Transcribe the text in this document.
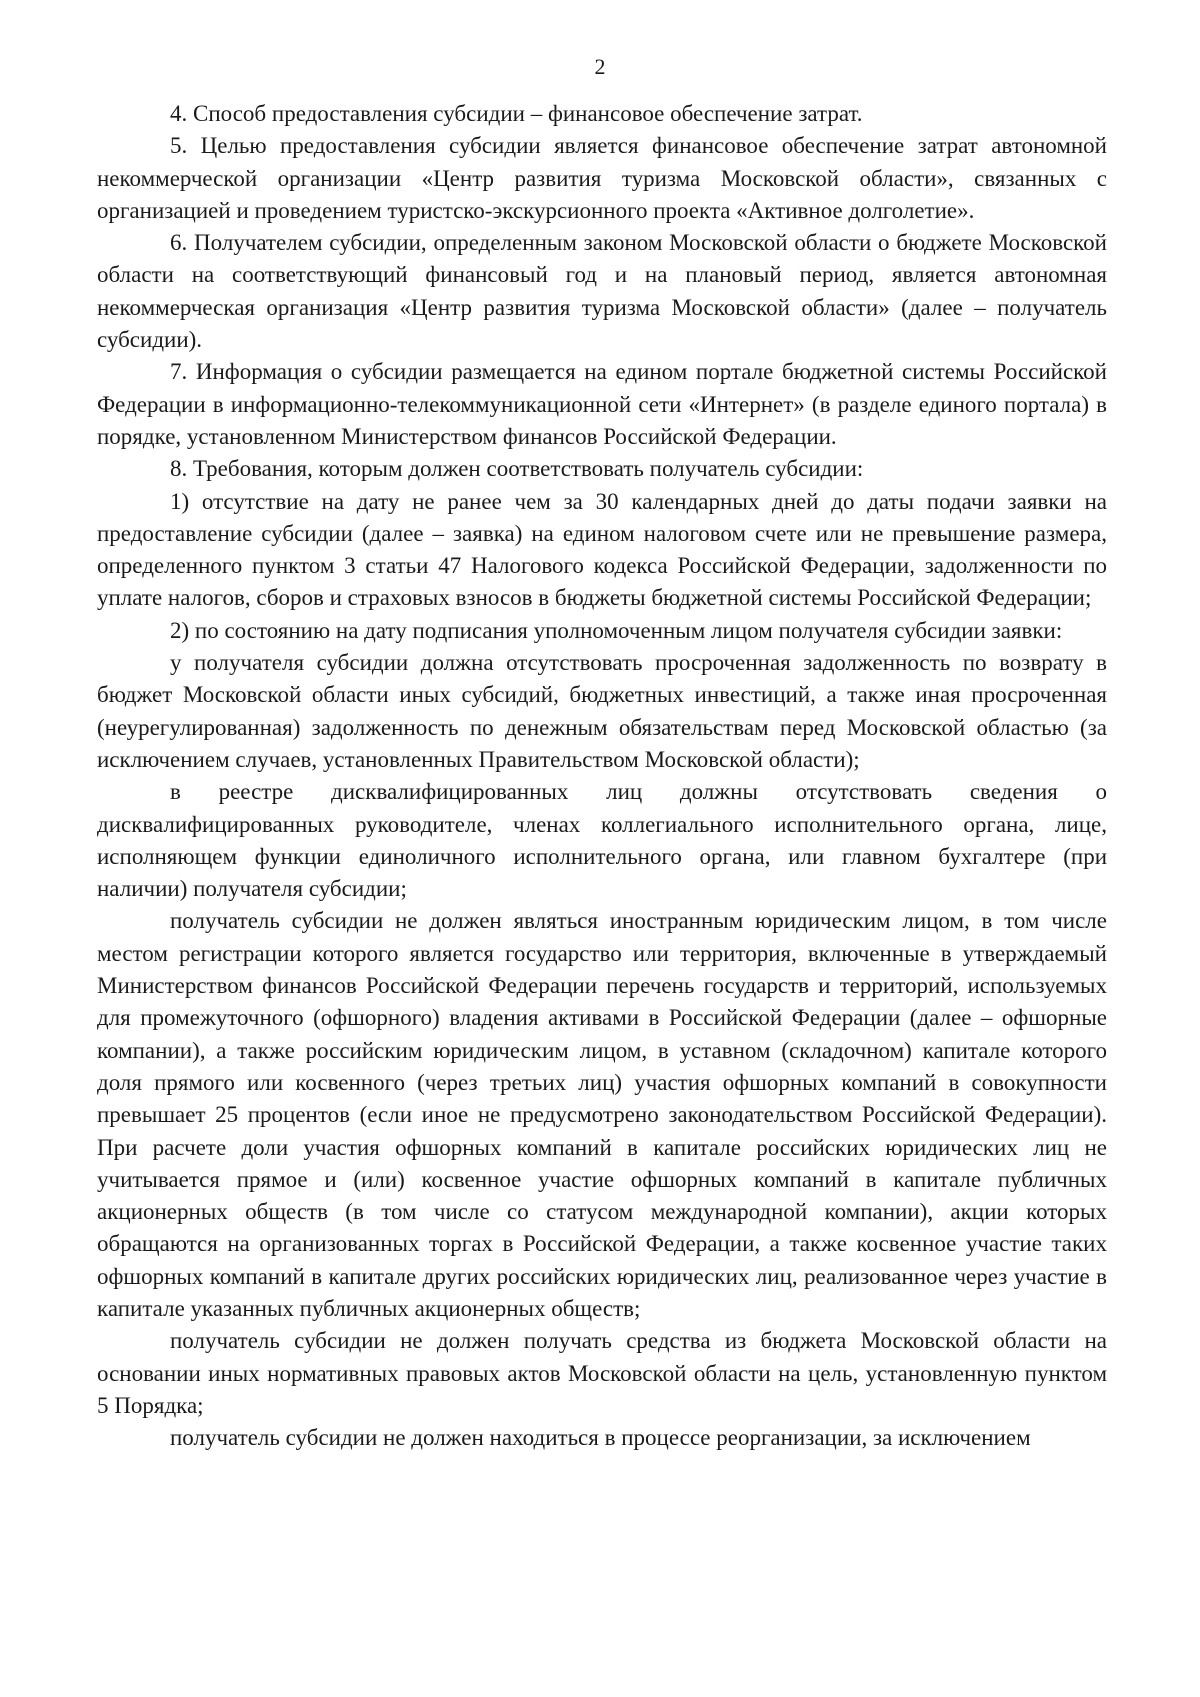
2

4. Способ предоставления субсидии – финансовое обеспечение затрат.

5. Целью предоставления субсидии является финансовое обеспечение затрат автономной некоммерческой организации «Центр развития туризма Московской области», связанных с организацией и проведением туристско-экскурсионного проекта «Активное долголетие».

6. Получателем субсидии, определенным законом Московской области о бюджете Московской области на соответствующий финансовый год и на плановый период, является автономная некоммерческая организация «Центр развития туризма Московской области» (далее – получатель субсидии).

7. Информация о субсидии размещается на едином портале бюджетной системы Российской Федерации в информационно-телекоммуникационной сети «Интернет» (в разделе единого портала) в порядке, установленном Министерством финансов Российской Федерации.

8. Требования, которым должен соответствовать получатель субсидии:

1) отсутствие на дату не ранее чем за 30 календарных дней до даты подачи заявки на предоставление субсидии (далее – заявка) на едином налоговом счете или не превышение размера, определенного пунктом 3 статьи 47 Налогового кодекса Российской Федерации, задолженности по уплате налогов, сборов и страховых взносов в бюджеты бюджетной системы Российской Федерации;

2) по состоянию на дату подписания уполномоченным лицом получателя субсидии заявки:

у получателя субсидии должна отсутствовать просроченная задолженность по возврату в бюджет Московской области иных субсидий, бюджетных инвестиций, а также иная просроченная (неурегулированная) задолженность по денежным обязательствам перед Московской областью (за исключением случаев, установленных Правительством Московской области);

в реестре дисквалифицированных лиц должны отсутствовать сведения о дисквалифицированных руководителе, членах коллегиального исполнительного органа, лице, исполняющем функции единоличного исполнительного органа, или главном бухгалтере (при наличии) получателя субсидии;

получатель субсидии не должен являться иностранным юридическим лицом, в том числе местом регистрации которого является государство или территория, включенные в утверждаемый Министерством финансов Российской Федерации перечень государств и территорий, используемых для промежуточного (офшорного) владения активами в Российской Федерации (далее – офшорные компании), а также российским юридическим лицом, в уставном (складочном) капитале которого доля прямого или косвенного (через третьих лиц) участия офшорных компаний в совокупности превышает 25 процентов (если иное не предусмотрено законодательством Российской Федерации). При расчете доли участия офшорных компаний в капитале российских юридических лиц не учитывается прямое и (или) косвенное участие офшорных компаний в капитале публичных акционерных обществ (в том числе со статусом международной компании), акции которых обращаются на организованных торгах в Российской Федерации, а также косвенное участие таких офшорных компаний в капитале других российских юридических лиц, реализованное через участие в капитале указанных публичных акционерных обществ;

получатель субсидии не должен получать средства из бюджета Московской области на основании иных нормативных правовых актов Московской области на цель, установленную пунктом 5 Порядка;

получатель субсидии не должен находиться в процессе реорганизации, за исключением
